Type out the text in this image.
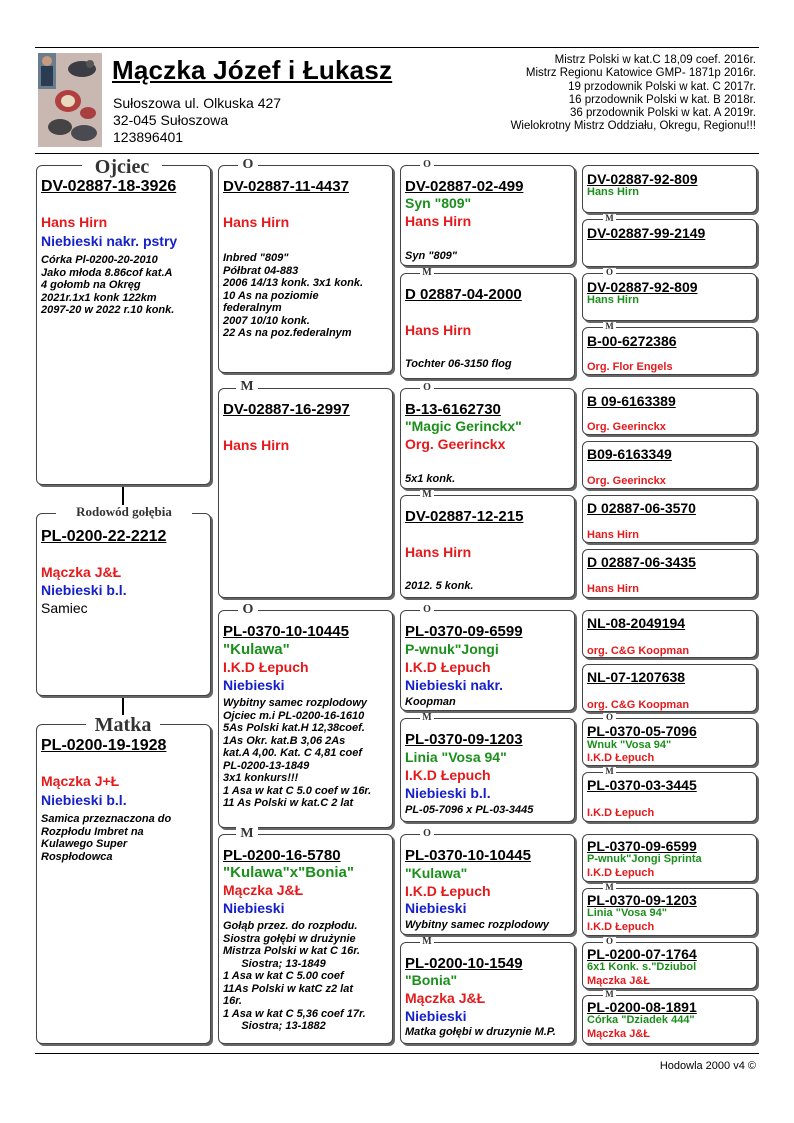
Mączka Józef i Łukasz
Sułoszowa ul. Olkuska 427
32-045 Sułoszowa
123896401
Mistrz Polski w kat.C 18,09 coef. 2016r.
Mistrz Regionu Katowice GMP- 1871p 2016r.
19 przodownik Polski w kat. C 2017r.
16 przodownik Polski w kat. B 2018r.
36 przodownik Polski w kat. A 2019r.
Wielokrotny Mistrz Oddziału, Okregu, Regionu!!!
DV-02887-18-3926
Hans Hirn
Niebieski nakr. pstry
Córka Pl-0200-20-2010
Jako młoda 8.86cof kat.A
4 gołomb na Okręg
2021r.1x1 konk 122km
2097-20 w 2022 r.10 konk.
Ojciec
PL-0200-22-2212
Mączka J&Ł
Niebieski b.l.
Samiec
Rodowód gołębia
PL-0200-19-1928
Mączka J+Ł
Niebieski b.l.
Samica przeznaczona do
Rozpłodu Imbret na
Kulawego Super
Rospłodowca
Matka
DV-02887-11-4437
Hans Hirn
Inbred "809"
Półbrat 04-883
2006 14/13 konk. 3x1 konk.
10 As na poziomie
federalnym
2007 10/10 konk.
22 As na poz.federalnym
O
DV-02887-16-2997
Hans Hirn
M
PL-0370-10-10445
"Kulawa"
I.K.D Łepuch
Niebieski
Wybitny samec rozplodowy
Ojciec m.i PL-0200-16-1610
5As Polski kat.H 12,38coef.
1As Okr. kat.B 3,06 2As
kat.A 4,00. Kat. C 4,81 coef
PL-0200-13-1849
3x1 konkurs!!!
1 Asa w kat C 5.0 coef w 16r.
11 As Polski w kat.C 2 lat
O
PL-0200-16-5780
"Kulawa"x"Bonia"
Mączka J&Ł
Niebieski
Gołąb przez. do rozpłodu.
Siostra gołębi w drużynie
Mistrza Polski w kat C 16r.
Siostra; 13-1849
1 Asa w kat C 5.00 coef
11As Polski w katC z2 lat
16r.
1 Asa w kat C 5,36 coef 17r.
Siostra; 13-1882
M
DV-02887-02-499
Syn "809"
Hans Hirn
Syn "809"
O
D 02887-04-2000
Hans Hirn
Tochter 06-3150 flog
M
B-13-6162730
"Magic Gerinckx"
Org. Geerinckx
5x1 konk.
O
DV-02887-12-215
Hans Hirn
2012. 5 konk.
M
PL-0370-09-6599
P-wnuk"Jongi
I.K.D Łepuch
Niebieski nakr.
Koopman
O
PL-0370-09-1203
Linia "Vosa 94"
I.K.D Łepuch
Niebieski b.l.
PL-05-7096 x PL-03-3445
M
PL-0370-10-10445
"Kulawa"
I.K.D Łepuch
Niebieski
Wybitny samec rozplodowy
O
PL-0200-10-1549
"Bonia"
Mączka J&Ł
Niebieski
Matka gołębi w druzynie M.P.
M
DV-02887-92-809
Hans Hirn
DV-02887-99-2149
M
DV-02887-92-809
Hans Hirn
O
B-00-6272386
Org. Flor Engels
M
B 09-6163389
Org. Geerinckx
B09-6163349
Org. Geerinckx
D 02887-06-3570
Hans Hirn
D 02887-06-3435
Hans Hirn
NL-08-2049194
org. C&G Koopman
NL-07-1207638
org. C&G Koopman
PL-0370-05-7096
Wnuk "Vosa 94"
I.K.D Łepuch
O
PL-0370-03-3445
I.K.D Łepuch
M
PL-0370-09-6599
P-wnuk"Jongi Sprinta
I.K.D Łepuch
PL-0370-09-1203
Linia "Vosa 94"
I.K.D Łepuch
M
PL-0200-07-1764
6x1 Konk. s."Dziubol
Mączka J&Ł
O
PL-0200-08-1891
Córka "Dziadek 444"
Mączka J&Ł
M
Hodowla 2000 v4 ©
